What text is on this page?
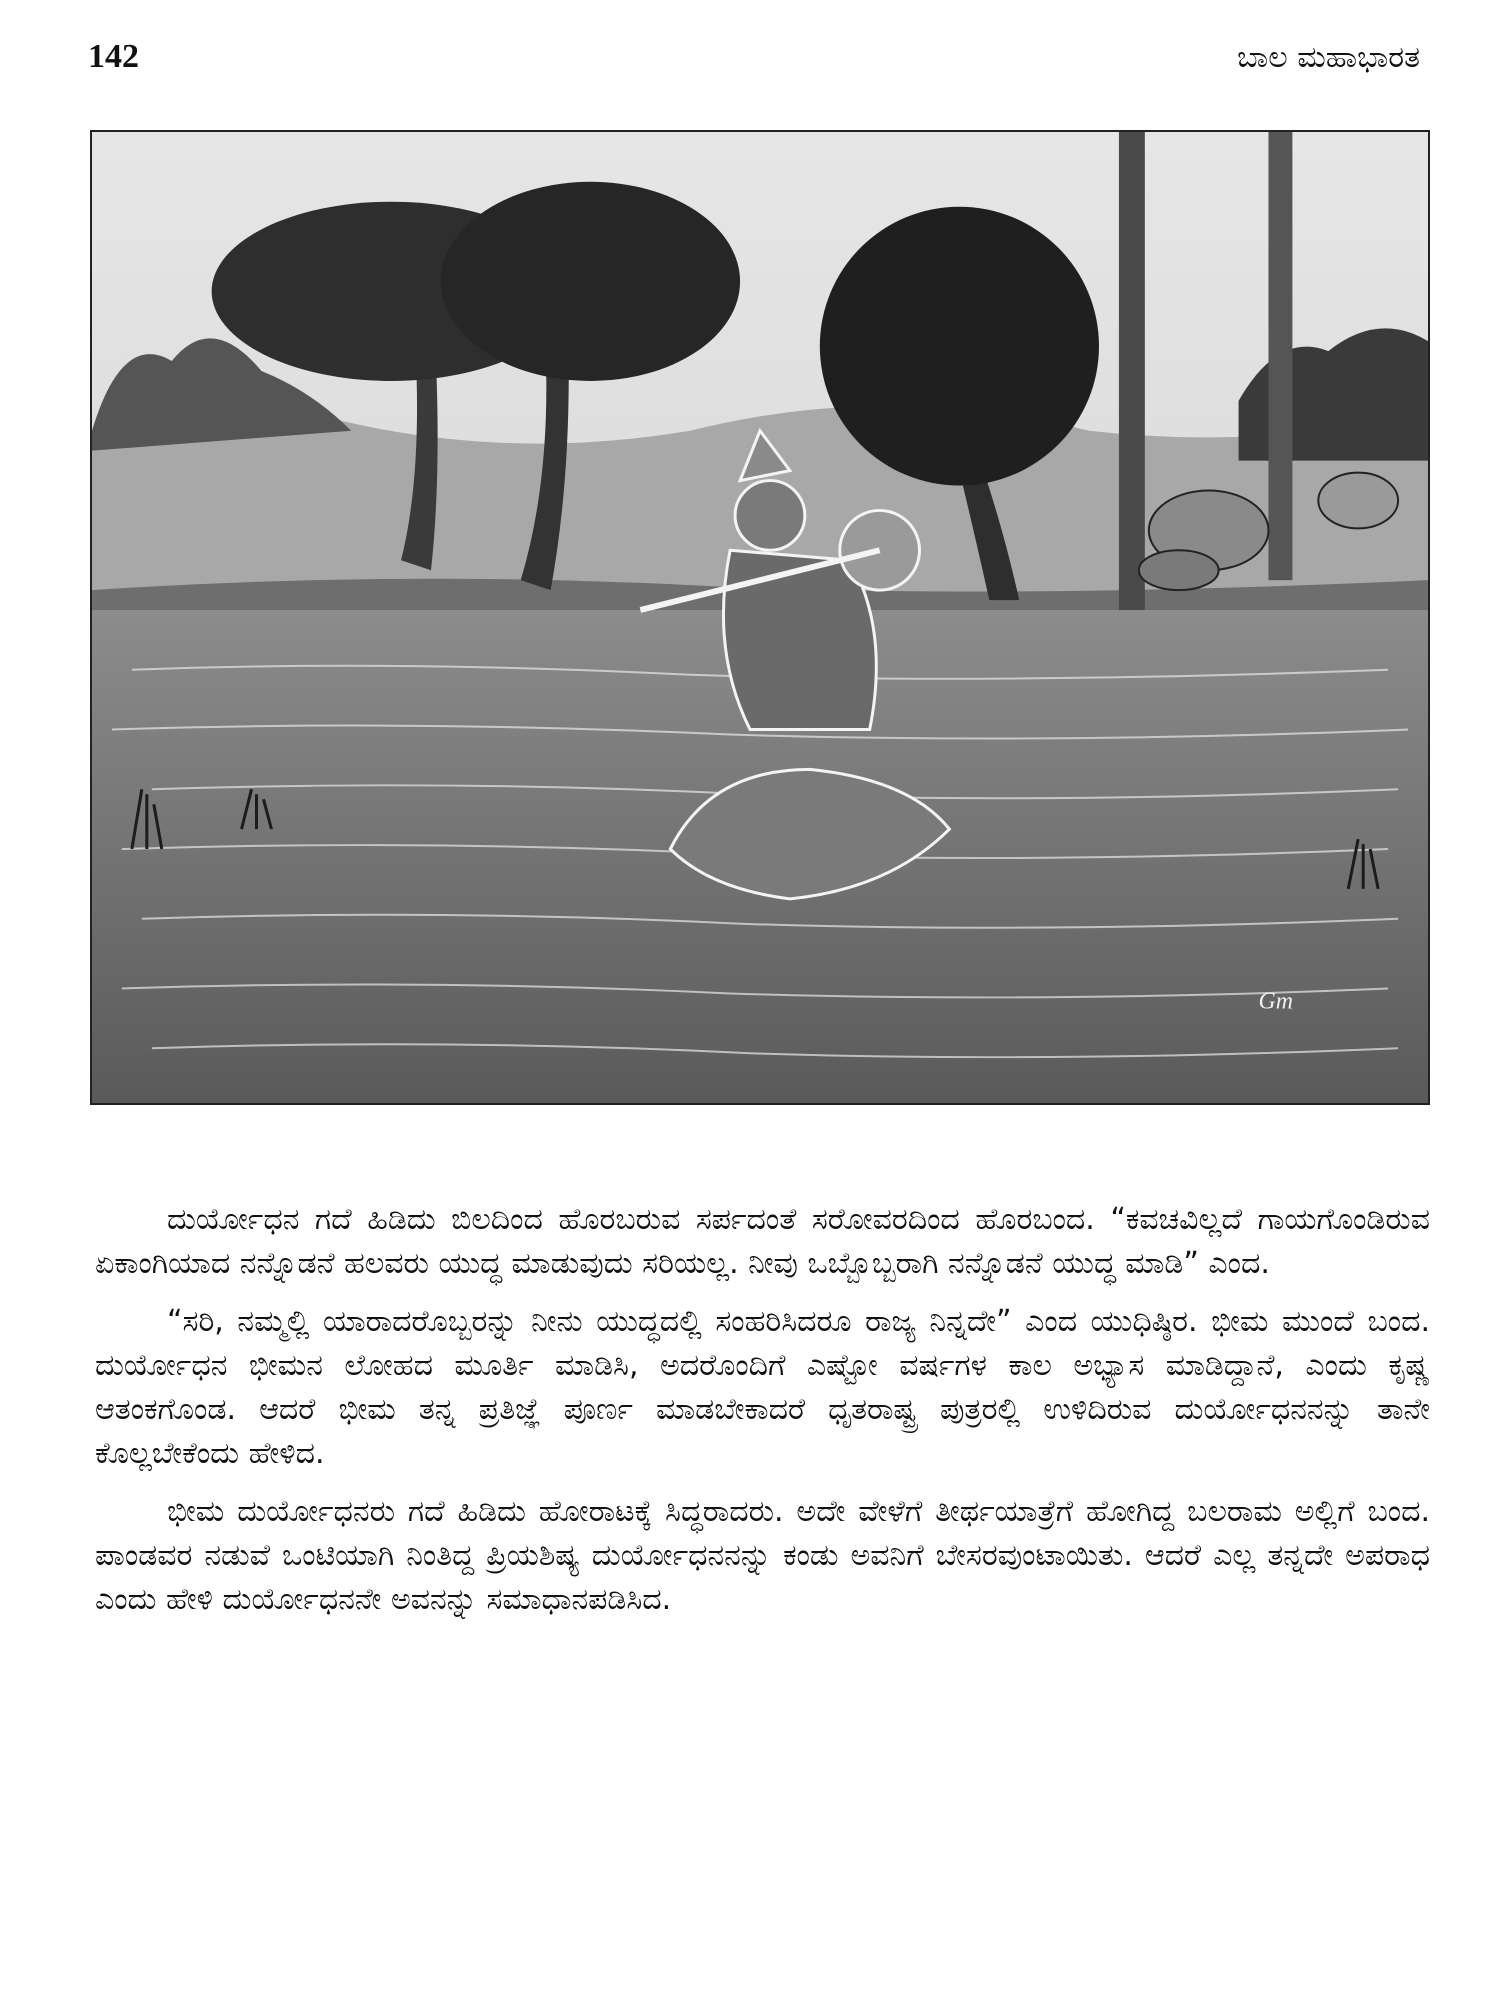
142	ಬಾಲ ಮಹಾಭಾರತ
Gm

ದುರ್ಯೋಧನ ಗದೆ ಹಿಡಿದು ಬಿಲದಿಂದ ಹೊರಬರುವ ಸರ್ಪದಂತೆ ಸರೋವರದಿಂದ ಹೊರಬಂದ. “ಕವಚವಿಲ್ಲದೆ ಗಾಯಗೊಂಡಿರುವ ಏಕಾಂಗಿಯಾದ ನನ್ನೊಡನೆ ಹಲವರು ಯುದ್ಧ ಮಾಡುವುದು ಸರಿಯಲ್ಲ. ನೀವು ಒಬ್ಬೊಬ್ಬರಾಗಿ ನನ್ನೊಡನೆ ಯುದ್ಧ ಮಾಡಿ” ಎಂದ.

“ಸರಿ, ನಮ್ಮಲ್ಲಿ ಯಾರಾದರೊಬ್ಬರನ್ನು ನೀನು ಯುದ್ಧದಲ್ಲಿ ಸಂಹರಿಸಿದರೂ ರಾಜ್ಯ ನಿನ್ನದೇ” ಎಂದ ಯುಧಿಷ್ಠಿರ. ಭೀಮ ಮುಂದೆ ಬಂದ. ದುರ್ಯೋಧನ ಭೀಮನ ಲೋಹದ ಮೂರ್ತಿ ಮಾಡಿಸಿ, ಅದರೊಂದಿಗೆ ಎಷ್ಟೋ ವರ್ಷಗಳ ಕಾಲ ಅಭ್ಯಾಸ ಮಾಡಿದ್ದಾನೆ, ಎಂದು ಕೃಷ್ಣ ಆತಂಕಗೊಂಡ. ಆದರೆ ಭೀಮ ತನ್ನ ಪ್ರತಿಜ್ಞೆ ಪೂರ್ಣ ಮಾಡಬೇಕಾದರೆ ಧೃತರಾಷ್ಟ್ರ ಪುತ್ರರಲ್ಲಿ ಉಳಿದಿರುವ ದುರ್ಯೋಧನನನ್ನು ತಾನೇ ಕೊಲ್ಲಬೇಕೆಂದು ಹೇಳಿದ.

ಭೀಮ ದುರ್ಯೋಧನರು ಗದೆ ಹಿಡಿದು ಹೋರಾಟಕ್ಕೆ ಸಿದ್ಧರಾದರು. ಅದೇ ವೇಳೆಗೆ ತೀರ್ಥಯಾತ್ರೆಗೆ ಹೋಗಿದ್ದ ಬಲರಾಮ ಅಲ್ಲಿಗೆ ಬಂದ. ಪಾಂಡವರ ನಡುವೆ ಒಂಟಿಯಾಗಿ ನಿಂತಿದ್ದ ಪ್ರಿಯಶಿಷ್ಯ ದುರ್ಯೋಧನನನ್ನು ಕಂಡು ಅವನಿಗೆ ಬೇಸರವುಂಟಾಯಿತು. ಆದರೆ ಎಲ್ಲ ತನ್ನದೇ ಅಪರಾಧ ಎಂದು ಹೇಳಿ ದುರ್ಯೋಧನನೇ ಅವನನ್ನು ಸಮಾಧಾನಪಡಿಸಿದ.
